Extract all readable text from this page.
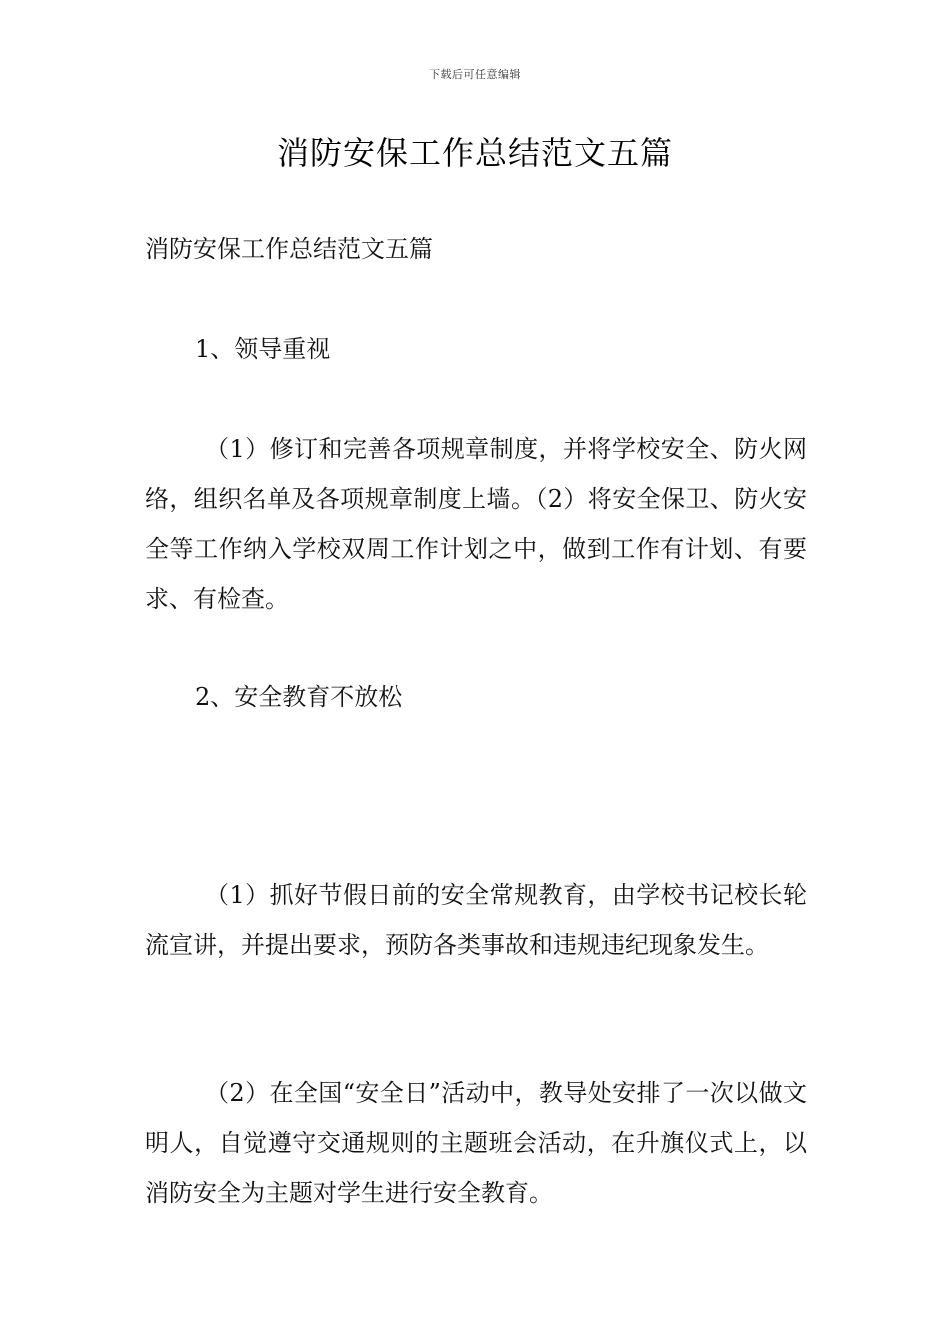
下载后可任意编辑
消防安保工作总结范文五篇

消防安保工作总结范文五篇

1、领导重视

（1）修订和完善各项规章制度，并将学校安全、防火网络，组织名单及各项规章制度上墙。（2）将安全保卫、防火安全等工作纳入学校双周工作计划之中，做到工作有计划、有要求、有检查。

2、安全教育不放松

（1）抓好节假日前的安全常规教育，由学校书记校长轮流宣讲，并提出要求，预防各类事故和违规违纪现象发生。

（2）在全国“安全日”活动中，教导处安排了一次以做文明人，自觉遵守交通规则的主题班会活动，在升旗仪式上，以消防安全为主题对学生进行安全教育。
